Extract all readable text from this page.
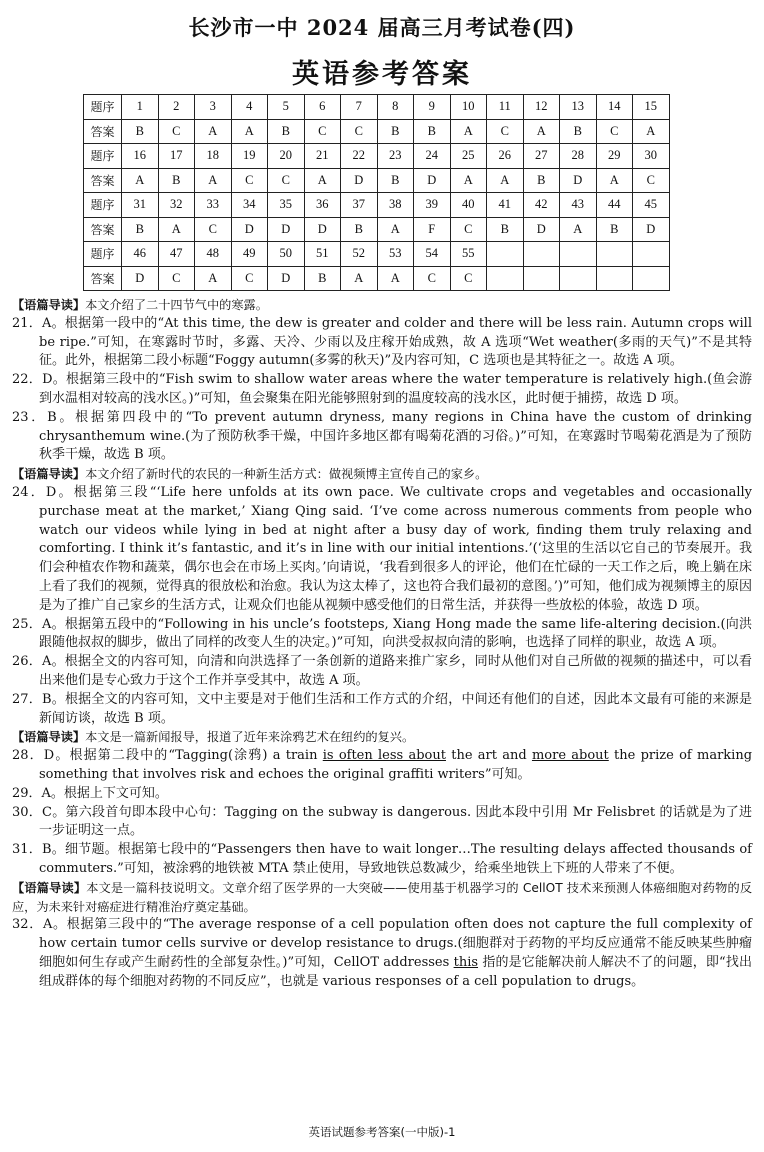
长沙市一中 2024 届高三月考试卷(四)
英语参考答案
题序	1	2	3	4	5	6	7	8	9	10	11	12	13	14	15
答案	B	C	A	A	B	C	C	B	B	A	C	A	B	C	A
题序	16	17	18	19	20	21	22	23	24	25	26	27	28	29	30
答案	A	B	A	C	C	A	D	B	D	A	A	B	D	A	C
题序	31	32	33	34	35	36	37	38	39	40	41	42	43	44	45
答案	B	A	C	D	D	D	B	A	F	C	B	D	A	B	D
题序	46	47	48	49	50	51	52	53	54	55					
答案	D	C	A	C	D	B	A	A	C	C					

【语篇导读】本文介绍了二十四节气中的寒露。

21．A。根据第一段中的“At this time, the dew is greater and colder and there will be less rain. Autumn crops will be ripe.”可知，在寒露时节时，多露、天冷、少雨以及庄稼开始成熟，故 A 选项“Wet weather(多雨的天气)”不是其特征。此外，根据第二段小标题“Foggy autumn(多雾的秋天)”及内容可知，C 选项也是其特征之一。故选 A 项。

22．D。根据第三段中的“Fish swim to shallow water areas where the water temperature is relatively high.(鱼会游到水温相对较高的浅水区。)”可知，鱼会聚集在阳光能够照射到的温度较高的浅水区，此时便于捕捞，故选 D 项。

23．B。根据第四段中的“To prevent autumn dryness, many regions in China have the custom of drinking chrysanthemum wine.(为了预防秋季干燥，中国许多地区都有喝菊花酒的习俗。)”可知，在寒露时节喝菊花酒是为了预防秋季干燥，故选 B 项。

【语篇导读】本文介绍了新时代的农民的一种新生活方式：做视频博主宣传自己的家乡。

24．D。根据第三段“‘Life here unfolds at its own pace. We cultivate crops and vegetables and occasionally purchase meat at the market,’ Xiang Qing said. ‘I’ve come across numerous comments from people who watch our videos while lying in bed at night after a busy day of work, finding them truly relaxing and comforting. I think it’s fantastic, and it’s in line with our initial intentions.’(‘这里的生活以它自己的节奏展开。我们会种植农作物和蔬菜，偶尔也会在市场上买肉。’向请说，‘我看到很多人的评论，他们在忙碌的一天工作之后，晚上躺在床上看了我们的视频，觉得真的很放松和治愈。我认为这太棒了，这也符合我们最初的意图。’)”可知，他们成为视频博主的原因是为了推广自己家乡的生活方式，让观众们也能从视频中感受他们的日常生活，并获得一些放松的体验，故选 D 项。

25．A。根据第五段中的“Following in his uncle’s footsteps, Xiang Hong made the same life-altering decision.(向洪跟随他叔叔的脚步，做出了同样的改变人生的决定。)”可知，向洪受叔叔向清的影响，也选择了同样的职业，故选 A 项。

26．A。根据全文的内容可知，向清和向洪选择了一条创新的道路来推广家乡，同时从他们对自己所做的视频的描述中，可以看出来他们是专心致力于这个工作并享受其中，故选 A 项。

27．B。根据全文的内容可知，文中主要是对于他们生活和工作方式的介绍，中间还有他们的自述，因此本文最有可能的来源是新闻访谈，故选 B 项。

【语篇导读】本文是一篇新闻报导，报道了近年来涂鸦艺术在纽约的复兴。

28．D。根据第二段中的“Tagging(涂鸦) a train is often less about the art and more about the prize of marking something that involves risk and echoes the original graffiti writers”可知。

29．A。根据上下文可知。

30．C。第六段首句即本段中心句：Tagging on the subway is dangerous. 因此本段中引用 Mr Felisbret 的话就是为了进一步证明这一点。

31．B。细节题。根据第七段中的“Passengers then have to wait longer…The resulting delays affected thousands of commuters.”可知，被涂鸦的地铁被 MTA 禁止使用，导致地铁总数减少，给乘坐地铁上下班的人带来了不便。

【语篇导读】本文是一篇科技说明文。文章介绍了医学界的一大突破——使用基于机器学习的 CellOT 技术来预测人体癌细胞对药物的反应，为未来针对癌症进行精准治疗奠定基础。

32．A。根据第三段中的“The average response of a cell population often does not capture the full complexity of how certain tumor cells survive or develop resistance to drugs.(细胞群对于药物的平均反应通常不能反映某些肿瘤细胞如何生存或产生耐药性的全部复杂性。)”可知，CellOT addresses this 指的是它能解决前人解决不了的问题，即“找出组成群体的每个细胞对药物的不同反应”，也就是 various responses of a cell population to drugs。

英语试题参考答案(一中版)-1
